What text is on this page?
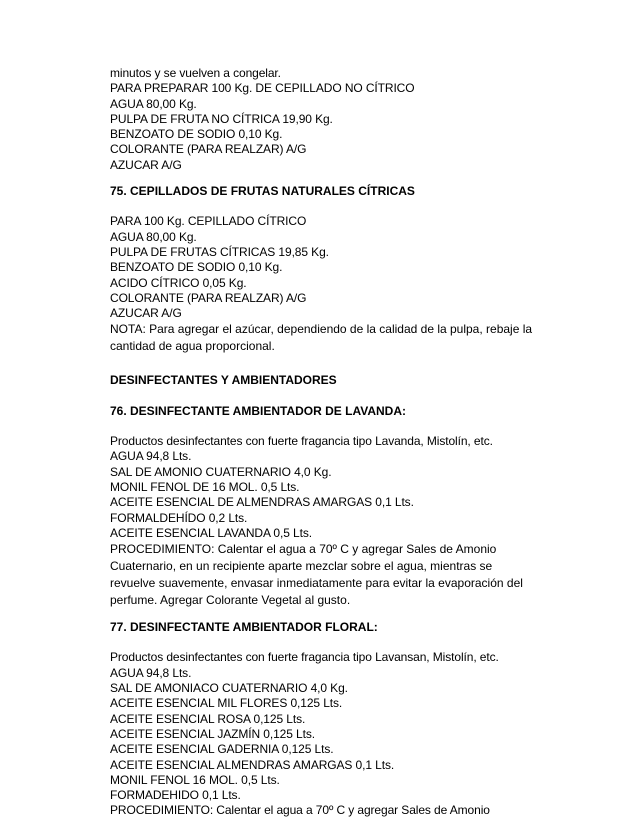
minutos y se vuelven a congelar.
PARA PREPARAR 100 Kg. DE CEPILLADO NO CÍTRICO
AGUA 80,00 Kg.
PULPA DE FRUTA NO CÍTRICA 19,90 Kg.
BENZOATO DE SODIO 0,10 Kg.
COLORANTE (PARA REALZAR) A/G
AZUCAR A/G
75. CEPILLADOS DE FRUTAS NATURALES CÍTRICAS
PARA 100 Kg. CEPILLADO CÍTRICO
AGUA 80,00 Kg.
PULPA DE FRUTAS CÍTRICAS 19,85 Kg.
BENZOATO DE SODIO 0,10 Kg.
ACIDO CÍTRICO 0,05 Kg.
COLORANTE (PARA REALZAR) A/G
AZUCAR A/G
NOTA: Para agregar el azúcar, dependiendo de la calidad de la pulpa, rebaje la
cantidad de agua proporcional.
DESINFECTANTES Y AMBIENTADORES
76. DESINFECTANTE AMBIENTADOR DE LAVANDA:
Productos desinfectantes con fuerte fragancia tipo Lavanda, Mistolín, etc.
AGUA 94,8 Lts.
SAL DE AMONIO CUATERNARIO 4,0 Kg.
MONIL FENOL DE 16 MOL. 0,5 Lts.
ACEITE ESENCIAL DE ALMENDRAS AMARGAS 0,1 Lts.
FORMALDEHÍDO 0,2 Lts.
ACEITE ESENCIAL LAVANDA 0,5 Lts.
PROCEDIMIENTO: Calentar el agua a 70º C y agregar Sales de Amonio
Cuaternario, en un recipiente aparte mezclar sobre el agua, mientras se
revuelve suavemente, envasar inmediatamente para evitar la evaporación del
perfume. Agregar Colorante Vegetal al gusto.
77. DESINFECTANTE AMBIENTADOR FLORAL:
Productos desinfectantes con fuerte fragancia tipo Lavansan, Mistolín, etc.
AGUA 94,8 Lts.
SAL DE AMONIACO CUATERNARIO 4,0 Kg.
ACEITE ESENCIAL MIL FLORES 0,125 Lts.
ACEITE ESENCIAL ROSA 0,125 Lts.
ACEITE ESENCIAL JAZMÍN 0,125 Lts.
ACEITE ESENCIAL GADERNIA 0,125 Lts.
ACEITE ESENCIAL ALMENDRAS AMARGAS 0,1 Lts.
MONIL FENOL 16 MOL. 0,5 Lts.
FORMADEHIDO 0,1 Lts.
PROCEDIMIENTO: Calentar el agua a 70º C y agregar Sales de Amonio
